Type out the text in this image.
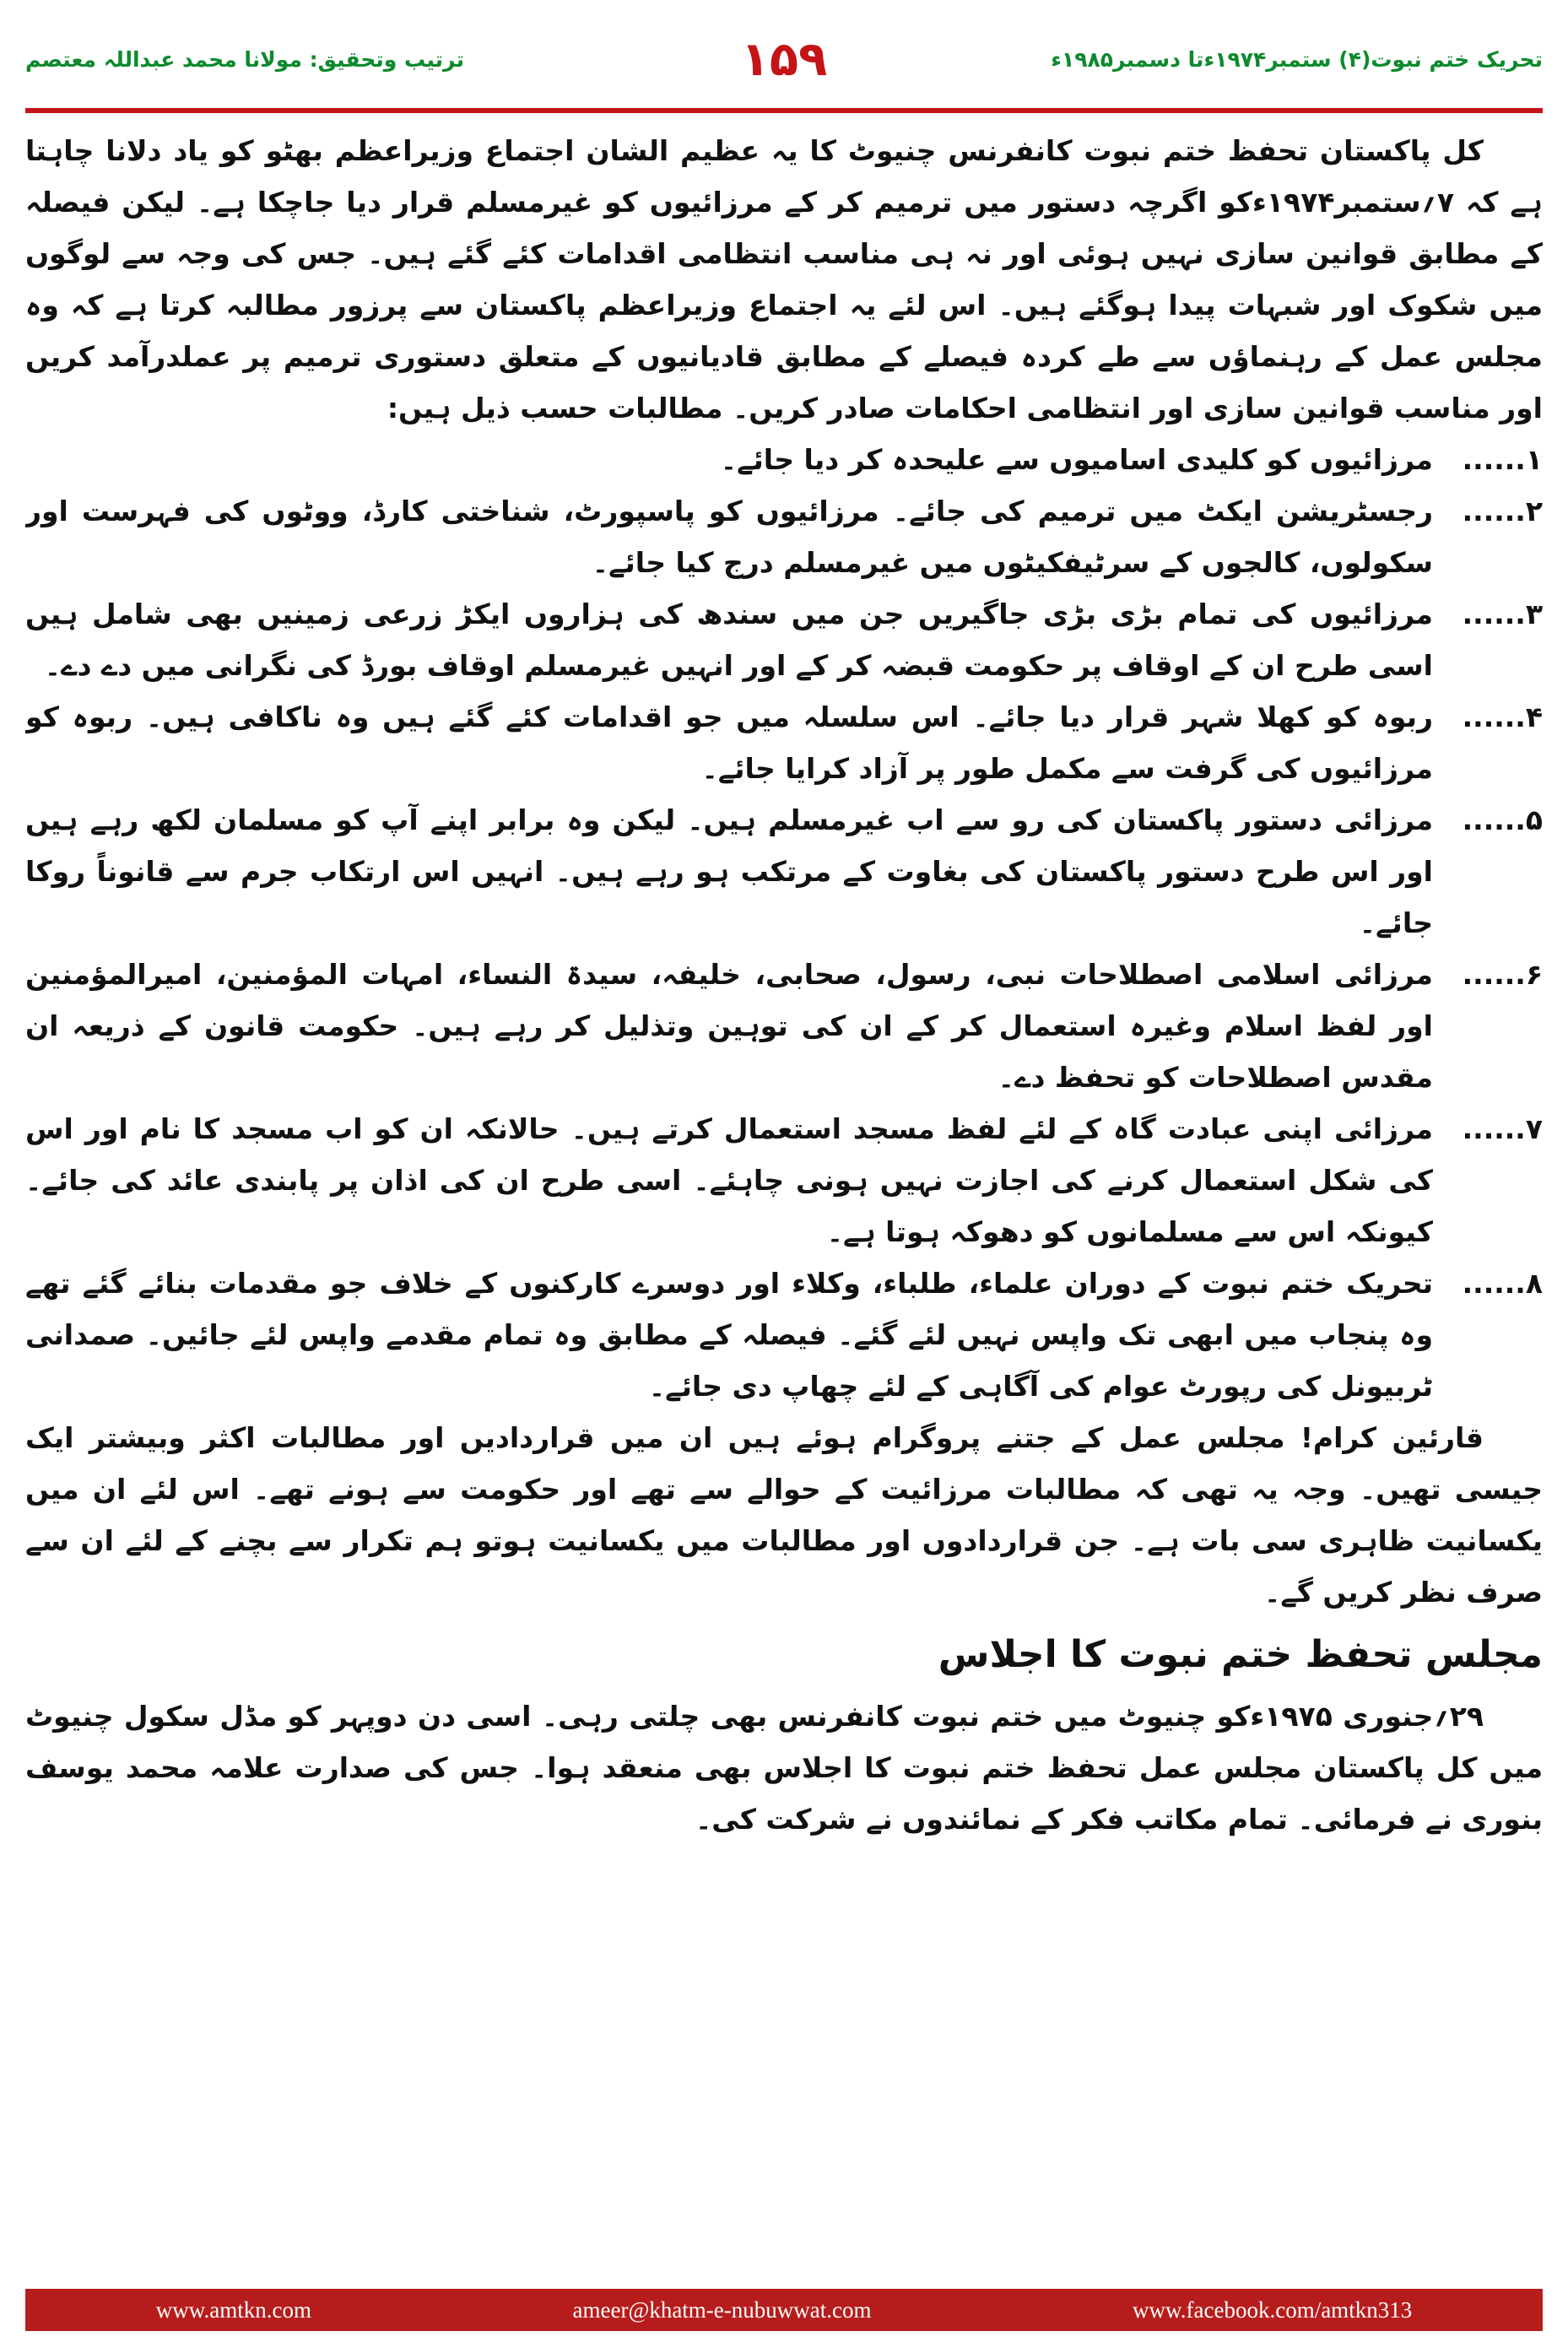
ترتیب وتحقیق: مولانا محمد عبداللہ معتصم	۱۵۹	تحریک ختم نبوت(۴) ستمبر۱۹۷۴ءتا دسمبر۱۹۸۵ء

کل پاکستان تحفظ ختم نبوت کانفرنس چنیوٹ کا یہ عظیم الشان اجتماع وزیراعظم بھٹو کو یاد دلانا چاہتا ہے کہ ۷؍ستمبر۱۹۷۴ءکو اگرچہ دستور میں ترمیم کر کے مرزائیوں کو غیرمسلم قرار دیا جاچکا ہے۔ لیکن فیصلہ کے مطابق قوانین سازی نہیں ہوئی اور نہ ہی مناسب انتظامی اقدامات کئے گئے ہیں۔ جس کی وجہ سے لوگوں میں شکوک اور شبہات پیدا ہوگئے ہیں۔ اس لئے یہ اجتماع وزیراعظم پاکستان سے پرزور مطالبہ کرتا ہے کہ وہ مجلس عمل کے رہنماؤں سے طے کردہ فیصلے کے مطابق قادیانیوں کے متعلق دستوری ترمیم پر عملدرآمد کریں اور مناسب قوانین سازی اور انتظامی احکامات صادر کریں۔ مطالبات حسب ذیل ہیں:

۱......
مرزائیوں کو کلیدی اسامیوں سے علیحدہ کر دیا جائے۔
۲......
رجسٹریشن ایکٹ میں ترمیم کی جائے۔ مرزائیوں کو پاسپورٹ، شناختی کارڈ، ووٹوں کی فہرست اور سکولوں، کالجوں کے سرٹیفکیٹوں میں غیرمسلم درج کیا جائے۔
۳......
مرزائیوں کی تمام بڑی بڑی جاگیریں جن میں سندھ کی ہزاروں ایکڑ زرعی زمینیں بھی شامل ہیں اسی طرح ان کے اوقاف پر حکومت قبضہ کر کے اور انہیں غیرمسلم اوقاف بورڈ کی نگرانی میں دے دے۔
۴......
ربوہ کو کھلا شہر قرار دیا جائے۔ اس سلسلہ میں جو اقدامات کئے گئے ہیں وہ ناکافی ہیں۔ ربوہ کو مرزائیوں کی گرفت سے مکمل طور پر آزاد کرایا جائے۔
۵......
مرزائی دستور پاکستان کی رو سے اب غیرمسلم ہیں۔ لیکن وہ برابر اپنے آپ کو مسلمان لکھ رہے ہیں اور اس طرح دستور پاکستان کی بغاوت کے مرتکب ہو رہے ہیں۔ انہیں اس ارتکاب جرم سے قانوناً روکا جائے۔
۶......
مرزائی اسلامی اصطلاحات نبی، رسول، صحابی، خلیفہ، سیدۃ النساء، امہات المؤمنین، امیرالمؤمنین اور لفظ اسلام وغیرہ استعمال کر کے ان کی توہین وتذلیل کر رہے ہیں۔ حکومت قانون کے ذریعہ ان مقدس اصطلاحات کو تحفظ دے۔
۷......
مرزائی اپنی عبادت گاہ کے لئے لفظ مسجد استعمال کرتے ہیں۔ حالانکہ ان کو اب مسجد کا نام اور اس کی شکل استعمال کرنے کی اجازت نہیں ہونی چاہئے۔ اسی طرح ان کی اذان پر پابندی عائد کی جائے۔ کیونکہ اس سے مسلمانوں کو دھوکہ ہوتا ہے۔
۸......
تحریک ختم نبوت کے دوران علماء، طلباء، وکلاء اور دوسرے کارکنوں کے خلاف جو مقدمات بنائے گئے تھے وہ پنجاب میں ابھی تک واپس نہیں لئے گئے۔ فیصلہ کے مطابق وہ تمام مقدمے واپس لئے جائیں۔ صمدانی ٹربیونل کی رپورٹ عوام کی آگاہی کے لئے چھاپ دی جائے۔

قارئین کرام! مجلس عمل کے جتنے پروگرام ہوئے ہیں ان میں قراردادیں اور مطالبات اکثر وبیشتر ایک جیسی تھیں۔ وجہ یہ تھی کہ مطالبات مرزائیت کے حوالے سے تھے اور حکومت سے ہونے تھے۔ اس لئے ان میں یکسانیت ظاہری سی بات ہے۔ جن قراردادوں اور مطالبات میں یکسانیت ہوتو ہم تکرار سے بچنے کے لئے ان سے صرف نظر کریں گے۔

مجلس تحفظ ختم نبوت کا اجلاس

۲۹؍جنوری ۱۹۷۵ءکو چنیوٹ میں ختم نبوت کانفرنس بھی چلتی رہی۔ اسی دن دوپہر کو مڈل سکول چنیوٹ میں کل پاکستان مجلس عمل تحفظ ختم نبوت کا اجلاس بھی منعقد ہوا۔ جس کی صدارت علامہ محمد یوسف بنوری نے فرمائی۔ تمام مکاتب فکر کے نمائندوں نے شرکت کی۔

www.amtkn.com	ameer@khatm-e-nubuwwat.com	www.facebook.com/amtkn313
